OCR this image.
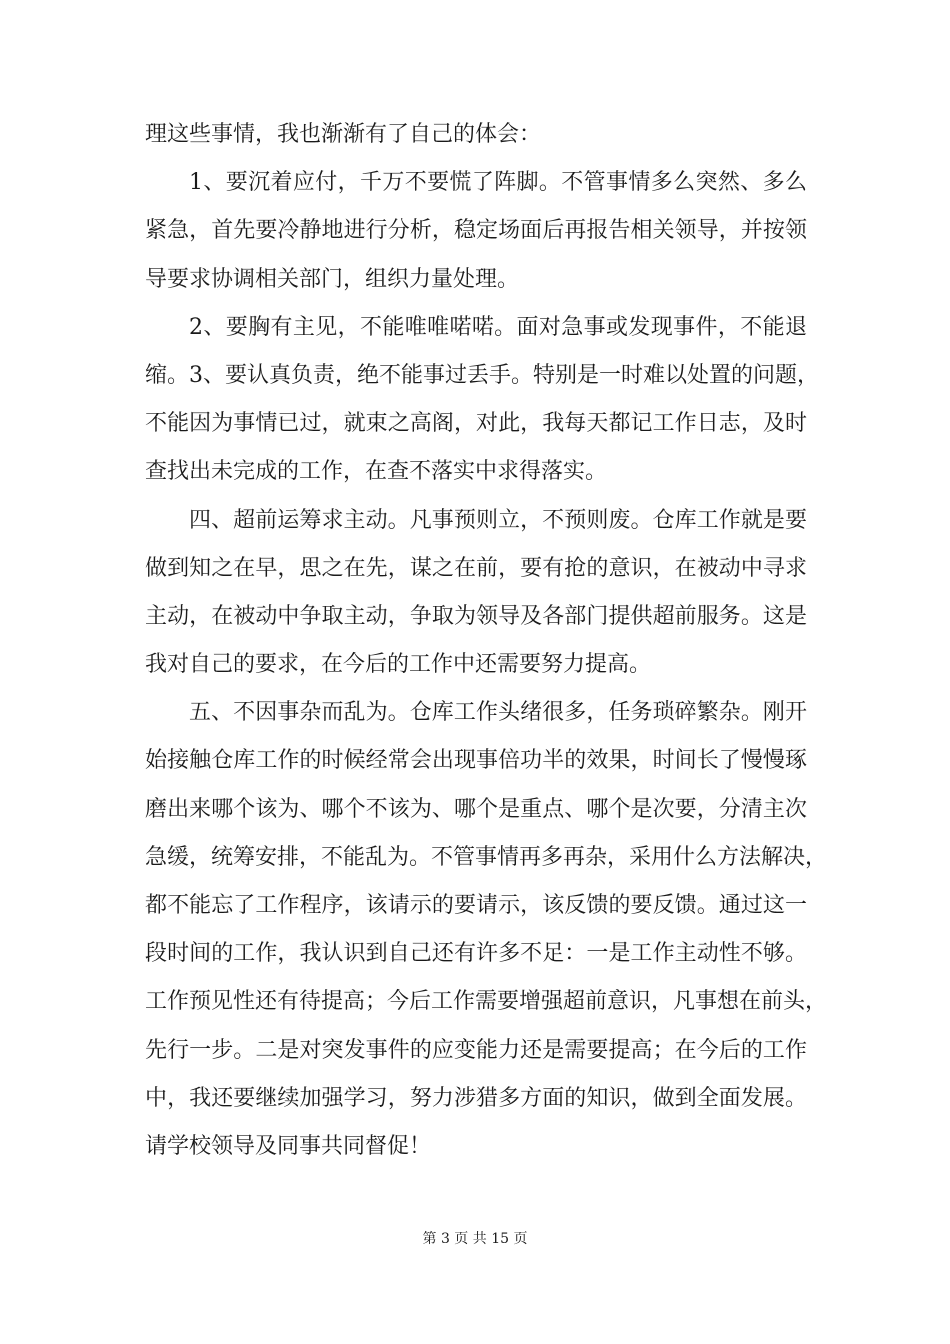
理这些事情，我也渐渐有了自己的体会：
1、要沉着应付，千万不要慌了阵脚。不管事情多么突然、多么
紧急，首先要冷静地进行分析，稳定场面后再报告相关领导，并按领
导要求协调相关部门，组织力量处理。
2、要胸有主见，不能唯唯喏喏。面对急事或发现事件，不能退
缩。3、要认真负责，绝不能事过丢手。特别是一时难以处置的问题，
不能因为事情已过，就束之高阁，对此，我每天都记工作日志，及时
查找出未完成的工作，在查不落实中求得落实。
四、超前运筹求主动。凡事预则立，不预则废。仓库工作就是要
做到知之在早，思之在先，谋之在前，要有抢的意识，在被动中寻求
主动，在被动中争取主动，争取为领导及各部门提供超前服务。这是
我对自己的要求，在今后的工作中还需要努力提高。
五、不因事杂而乱为。仓库工作头绪很多，任务琐碎繁杂。刚开
始接触仓库工作的时候经常会出现事倍功半的效果，时间长了慢慢琢
磨出来哪个该为、哪个不该为、哪个是重点、哪个是次要，分清主次
急缓，统筹安排，不能乱为。不管事情再多再杂，采用什么方法解决，
都不能忘了工作程序，该请示的要请示，该反馈的要反馈。通过这一
段时间的工作，我认识到自己还有许多不足：一是工作主动性不够。
工作预见性还有待提高；今后工作需要增强超前意识，凡事想在前头，
先行一步。二是对突发事件的应变能力还是需要提高；在今后的工作
中，我还要继续加强学习，努力涉猎多方面的知识，做到全面发展。
请学校领导及同事共同督促！
第 3 页 共 15 页
